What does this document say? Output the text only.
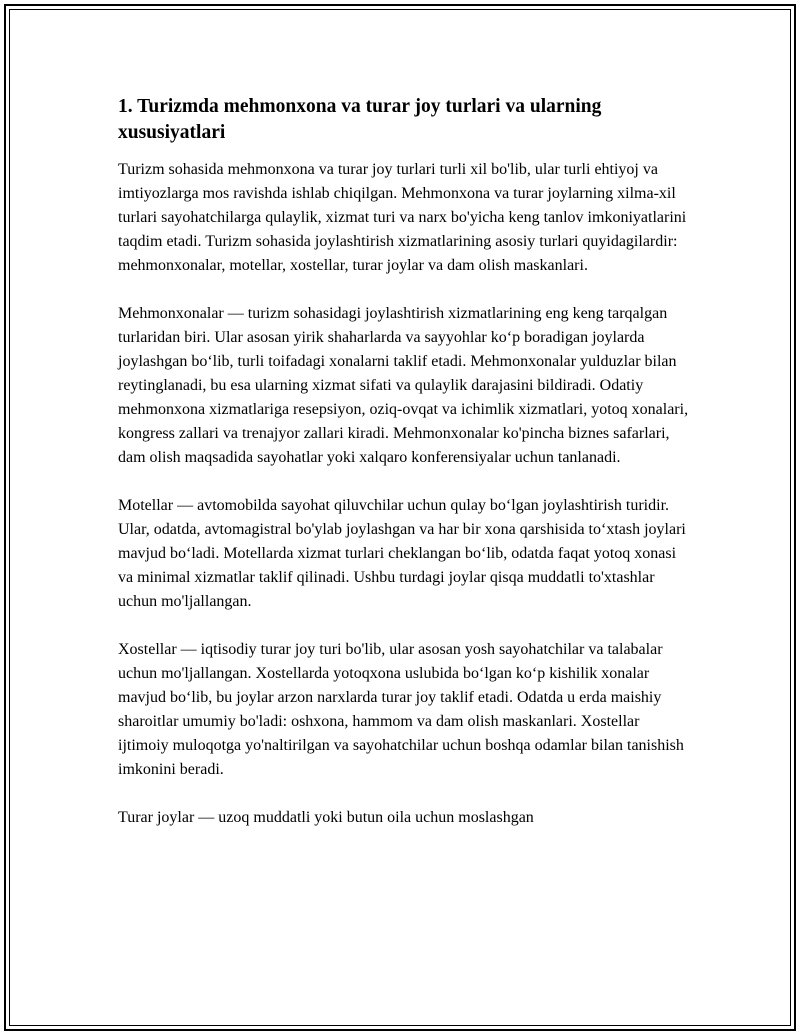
1. Turizmda mehmonxona va turar joy turlari va ularning xususiyatlari

Turizm sohasida mehmonxona va turar joy turlari turli xil bo'lib, ular turli ehtiyoj va imtiyozlarga mos ravishda ishlab chiqilgan. Mehmonxona va turar joylarning xilma-xil turlari sayohatchilarga qulaylik, xizmat turi va narx bo'yicha keng tanlov imkoniyatlarini taqdim etadi. Turizm sohasida joylashtirish xizmatlarining asosiy turlari quyidagilardir: mehmonxonalar, motellar, xostellar, turar joylar va dam olish maskanlari.

Mehmonxonalar — turizm sohasidagi joylashtirish xizmatlarining eng keng tarqalgan turlaridan biri. Ular asosan yirik shaharlarda va sayyohlar ko‘p boradigan joylarda joylashgan bo‘lib, turli toifadagi xonalarni taklif etadi. Mehmonxonalar yulduzlar bilan reytinglanadi, bu esa ularning xizmat sifati va qulaylik darajasini bildiradi. Odatiy mehmonxona xizmatlariga resepsiyon, oziq-ovqat va ichimlik xizmatlari, yotoq xonalari, kongress zallari va trenajyor zallari kiradi. Mehmonxonalar ko'pincha biznes safarlari, dam olish maqsadida sayohatlar yoki xalqaro konferensiyalar uchun tanlanadi.

Motellar — avtomobilda sayohat qiluvchilar uchun qulay bo‘lgan joylashtirish turidir. Ular, odatda, avtomagistral bo'ylab joylashgan va har bir xona qarshisida to‘xtash joylari mavjud bo‘ladi. Motellarda xizmat turlari cheklangan bo‘lib, odatda faqat yotoq xonasi va minimal xizmatlar taklif qilinadi. Ushbu turdagi joylar qisqa muddatli to'xtashlar uchun mo'ljallangan.

Xostellar — iqtisodiy turar joy turi bo'lib, ular asosan yosh sayohatchilar va talabalar uchun mo'ljallangan. Xostellarda yotoqxona uslubida bo‘lgan ko‘p kishilik xonalar mavjud bo‘lib, bu joylar arzon narxlarda turar joy taklif etadi. Odatda u erda maishiy sharoitlar umumiy bo'ladi: oshxona, hammom va dam olish maskanlari. Xostellar ijtimoiy muloqotga yo'naltirilgan va sayohatchilar uchun boshqa odamlar bilan tanishish imkonini beradi.

Turar joylar — uzoq muddatli yoki butun oila uchun moslashgan
